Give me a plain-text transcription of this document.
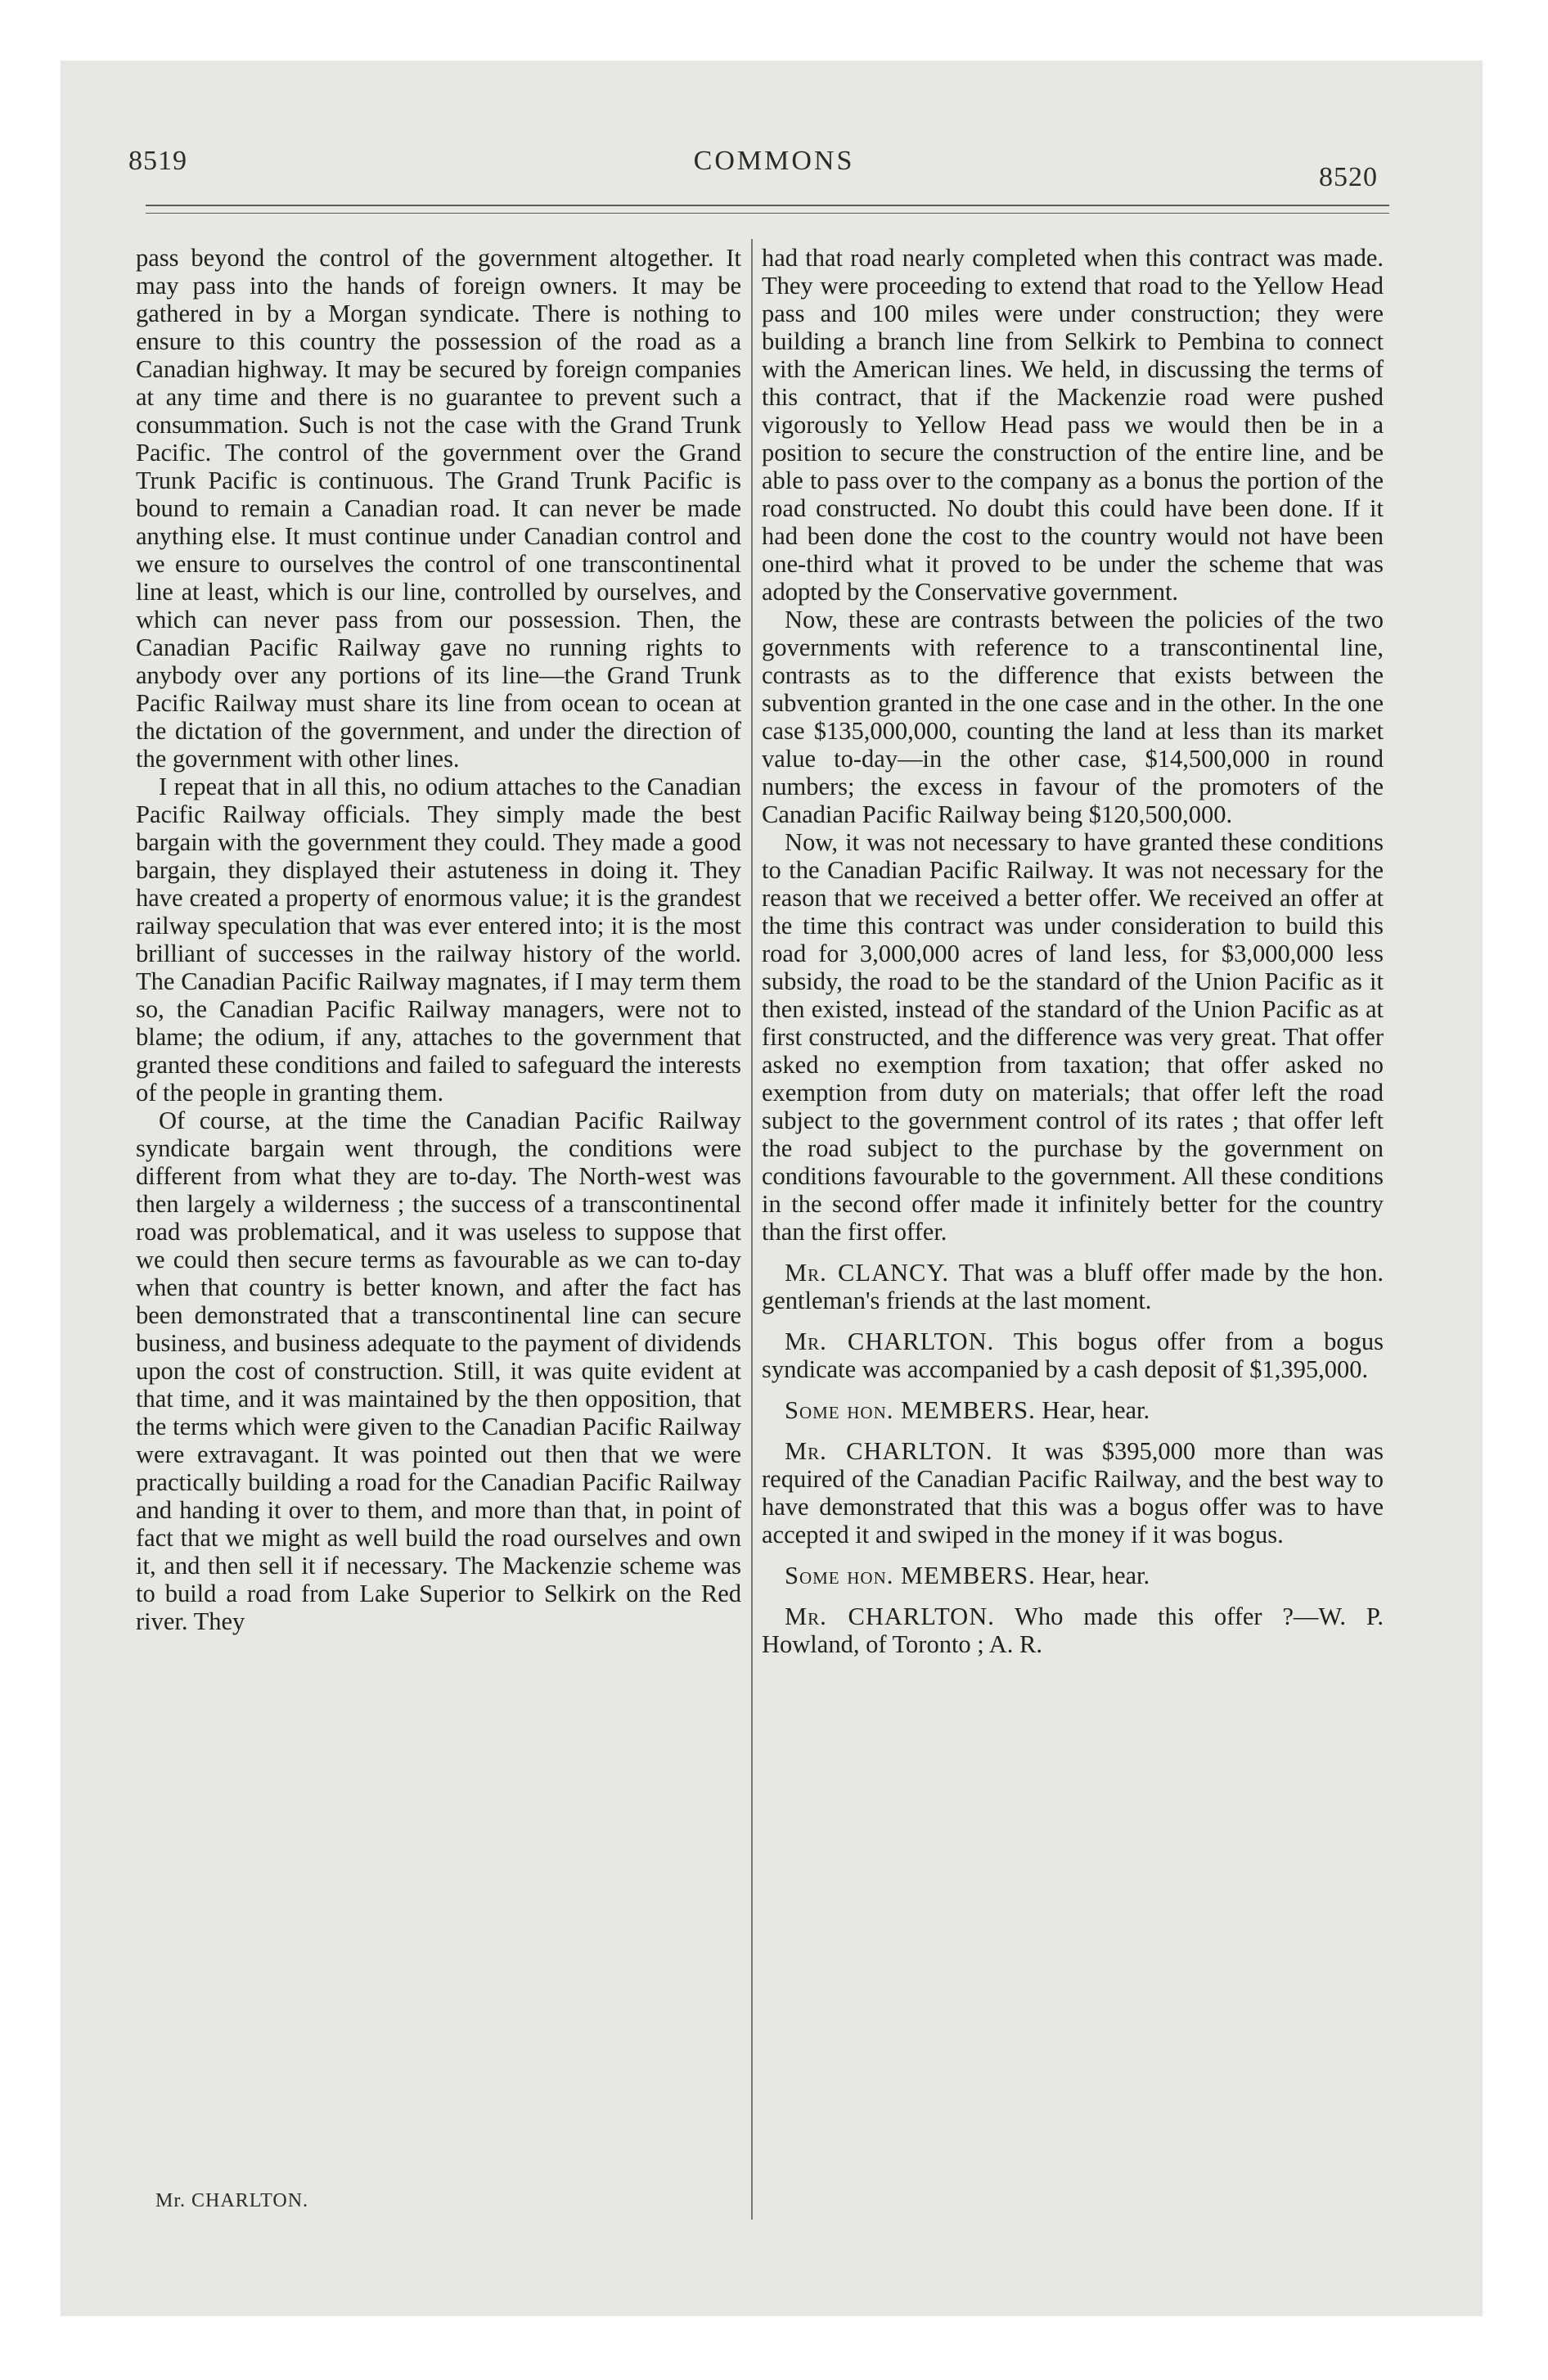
8519	COMMONS
8520

pass beyond the control of the government altogether. It may pass into the hands of foreign owners. It may be gathered in by a Morgan syndicate. There is nothing to ensure to this country the possession of the road as a Canadian highway. It may be secured by foreign companies at any time and there is no guarantee to prevent such a consummation. Such is not the case with the Grand Trunk Pacific. The control of the government over the Grand Trunk Pacific is continuous. The Grand Trunk Pacific is bound to remain a Canadian road. It can never be made anything else. It must continue under Canadian control and we ensure to ourselves the control of one transcontinental line at least, which is our line, controlled by ourselves, and which can never pass from our possession. Then, the Canadian Pacific Railway gave no running rights to anybody over any portions of its line—the Grand Trunk Pacific Railway must share its line from ocean to ocean at the dictation of the government, and under the direction of the government with other lines.

I repeat that in all this, no odium attaches to the Canadian Pacific Railway officials. They simply made the best bargain with the government they could. They made a good bargain, they displayed their astuteness in doing it. They have created a property of enormous value; it is the grandest railway speculation that was ever entered into; it is the most brilliant of successes in the railway history of the world. The Canadian Pacific Railway magnates, if I may term them so, the Canadian Pacific Railway managers, were not to blame; the odium, if any, attaches to the government that granted these conditions and failed to safeguard the interests of the people in granting them.

Of course, at the time the Canadian Pacific Railway syndicate bargain went through, the conditions were different from what they are to-day. The North-west was then largely a wilderness ; the success of a transcontinental road was problematical, and it was useless to suppose that we could then secure terms as favourable as we can to-day when that country is better known, and after the fact has been demonstrated that a transcontinental line can secure business, and business adequate to the payment of dividends upon the cost of construction. Still, it was quite evident at that time, and it was maintained by the then opposition, that the terms which were given to the Canadian Pacific Railway were extravagant. It was pointed out then that we were practically building a road for the Canadian Pacific Railway and handing it over to them, and more than that, in point of fact that we might as well build the road ourselves and own it, and then sell it if necessary. The Mackenzie scheme was to build a road from Lake Superior to Selkirk on the Red river. They

had that road nearly completed when this contract was made. They were proceeding to extend that road to the Yellow Head pass and 100 miles were under construction; they were building a branch line from Selkirk to Pembina to connect with the American lines. We held, in discussing the terms of this contract, that if the Mackenzie road were pushed vigorously to Yellow Head pass we would then be in a position to secure the construction of the entire line, and be able to pass over to the company as a bonus the portion of the road constructed. No doubt this could have been done. If it had been done the cost to the country would not have been one-third what it proved to be under the scheme that was adopted by the Conservative government.

Now, these are contrasts between the policies of the two governments with reference to a transcontinental line, contrasts as to the difference that exists between the subvention granted in the one case and in the other. In the one case $135,000,000, counting the land at less than its market value to-day—in the other case, $14,500,000 in round numbers; the excess in favour of the promoters of the Canadian Pacific Railway being $120,500,000.

Now, it was not necessary to have granted these conditions to the Canadian Pacific Railway. It was not necessary for the reason that we received a better offer. We received an offer at the time this contract was under consideration to build this road for 3,000,000 acres of land less, for $3,000,000 less subsidy, the road to be the standard of the Union Pacific as it then existed, instead of the standard of the Union Pacific as at first constructed, and the difference was very great. That offer asked no exemption from taxation; that offer asked no exemption from duty on materials; that offer left the road subject to the government control of its rates ; that offer left the road subject to the purchase by the government on conditions favourable to the government. All these conditions in the second offer made it infinitely better for the country than the first offer.

Mr. CLANCY. That was a bluff offer made by the hon. gentleman's friends at the last moment.

Mr. CHARLTON. This bogus offer from a bogus syndicate was accompanied by a cash deposit of $1,395,000.

Some hon. MEMBERS. Hear, hear.

Mr. CHARLTON. It was $395,000 more than was required of the Canadian Pacific Railway, and the best way to have demonstrated that this was a bogus offer was to have accepted it and swiped in the money if it was bogus.

Some hon. MEMBERS. Hear, hear.

Mr. CHARLTON. Who made this offer ?—W. P. Howland, of Toronto ; A. R.

Mr. CHARLTON.
